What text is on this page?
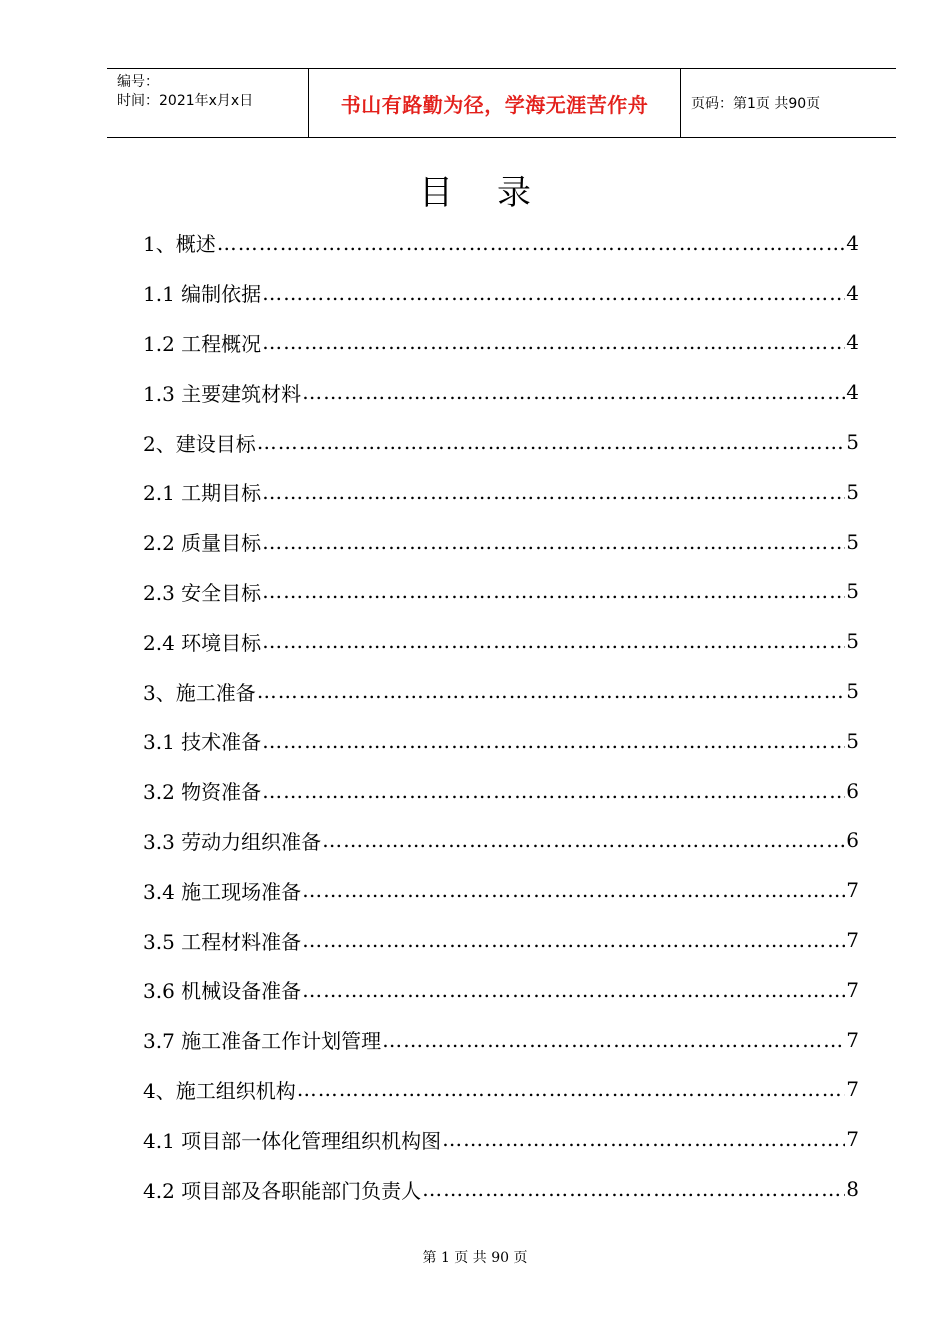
编号：
时间：2021年x月x日	书山有路勤为径，学海无涯苦作舟	页码：第1页 共90页
目录
1、概述 …………………………………………………………………………………………………………………………	4
1.1 编制依据 …………………………………………………………………………………………………………………………	4
1.2 工程概况 …………………………………………………………………………………………………………………………	4
1.3 主要建筑材料 …………………………………………………………………………………………………………………………	4
2、建设目标 …………………………………………………………………………………………………………………………	5
2.1 工期目标 …………………………………………………………………………………………………………………………	5
2.2 质量目标 …………………………………………………………………………………………………………………………	5
2.3 安全目标 …………………………………………………………………………………………………………………………	5
2.4 环境目标 …………………………………………………………………………………………………………………………	5
3、施工准备 …………………………………………………………………………………………………………………………	5
3.1 技术准备 …………………………………………………………………………………………………………………………	5
3.2 物资准备 …………………………………………………………………………………………………………………………	6
3.3 劳动力组织准备 …………………………………………………………………………………………………………………………	6
3.4 施工现场准备 …………………………………………………………………………………………………………………………	7
3.5 工程材料准备 …………………………………………………………………………………………………………………………	7
3.6 机械设备准备 …………………………………………………………………………………………………………………………	7
3.7 施工准备工作计划管理 …………………………………………………………………………………………………………………………	7
4、施工组织机构 …………………………………………………………………………………………………………………………	7
4.1 项目部一体化管理组织机构图 …………………………………………………………………………………………………………………………	7
4.2 项目部及各职能部门负责人 …………………………………………………………………………………………………………………………	8
第 1 页 共 90 页
